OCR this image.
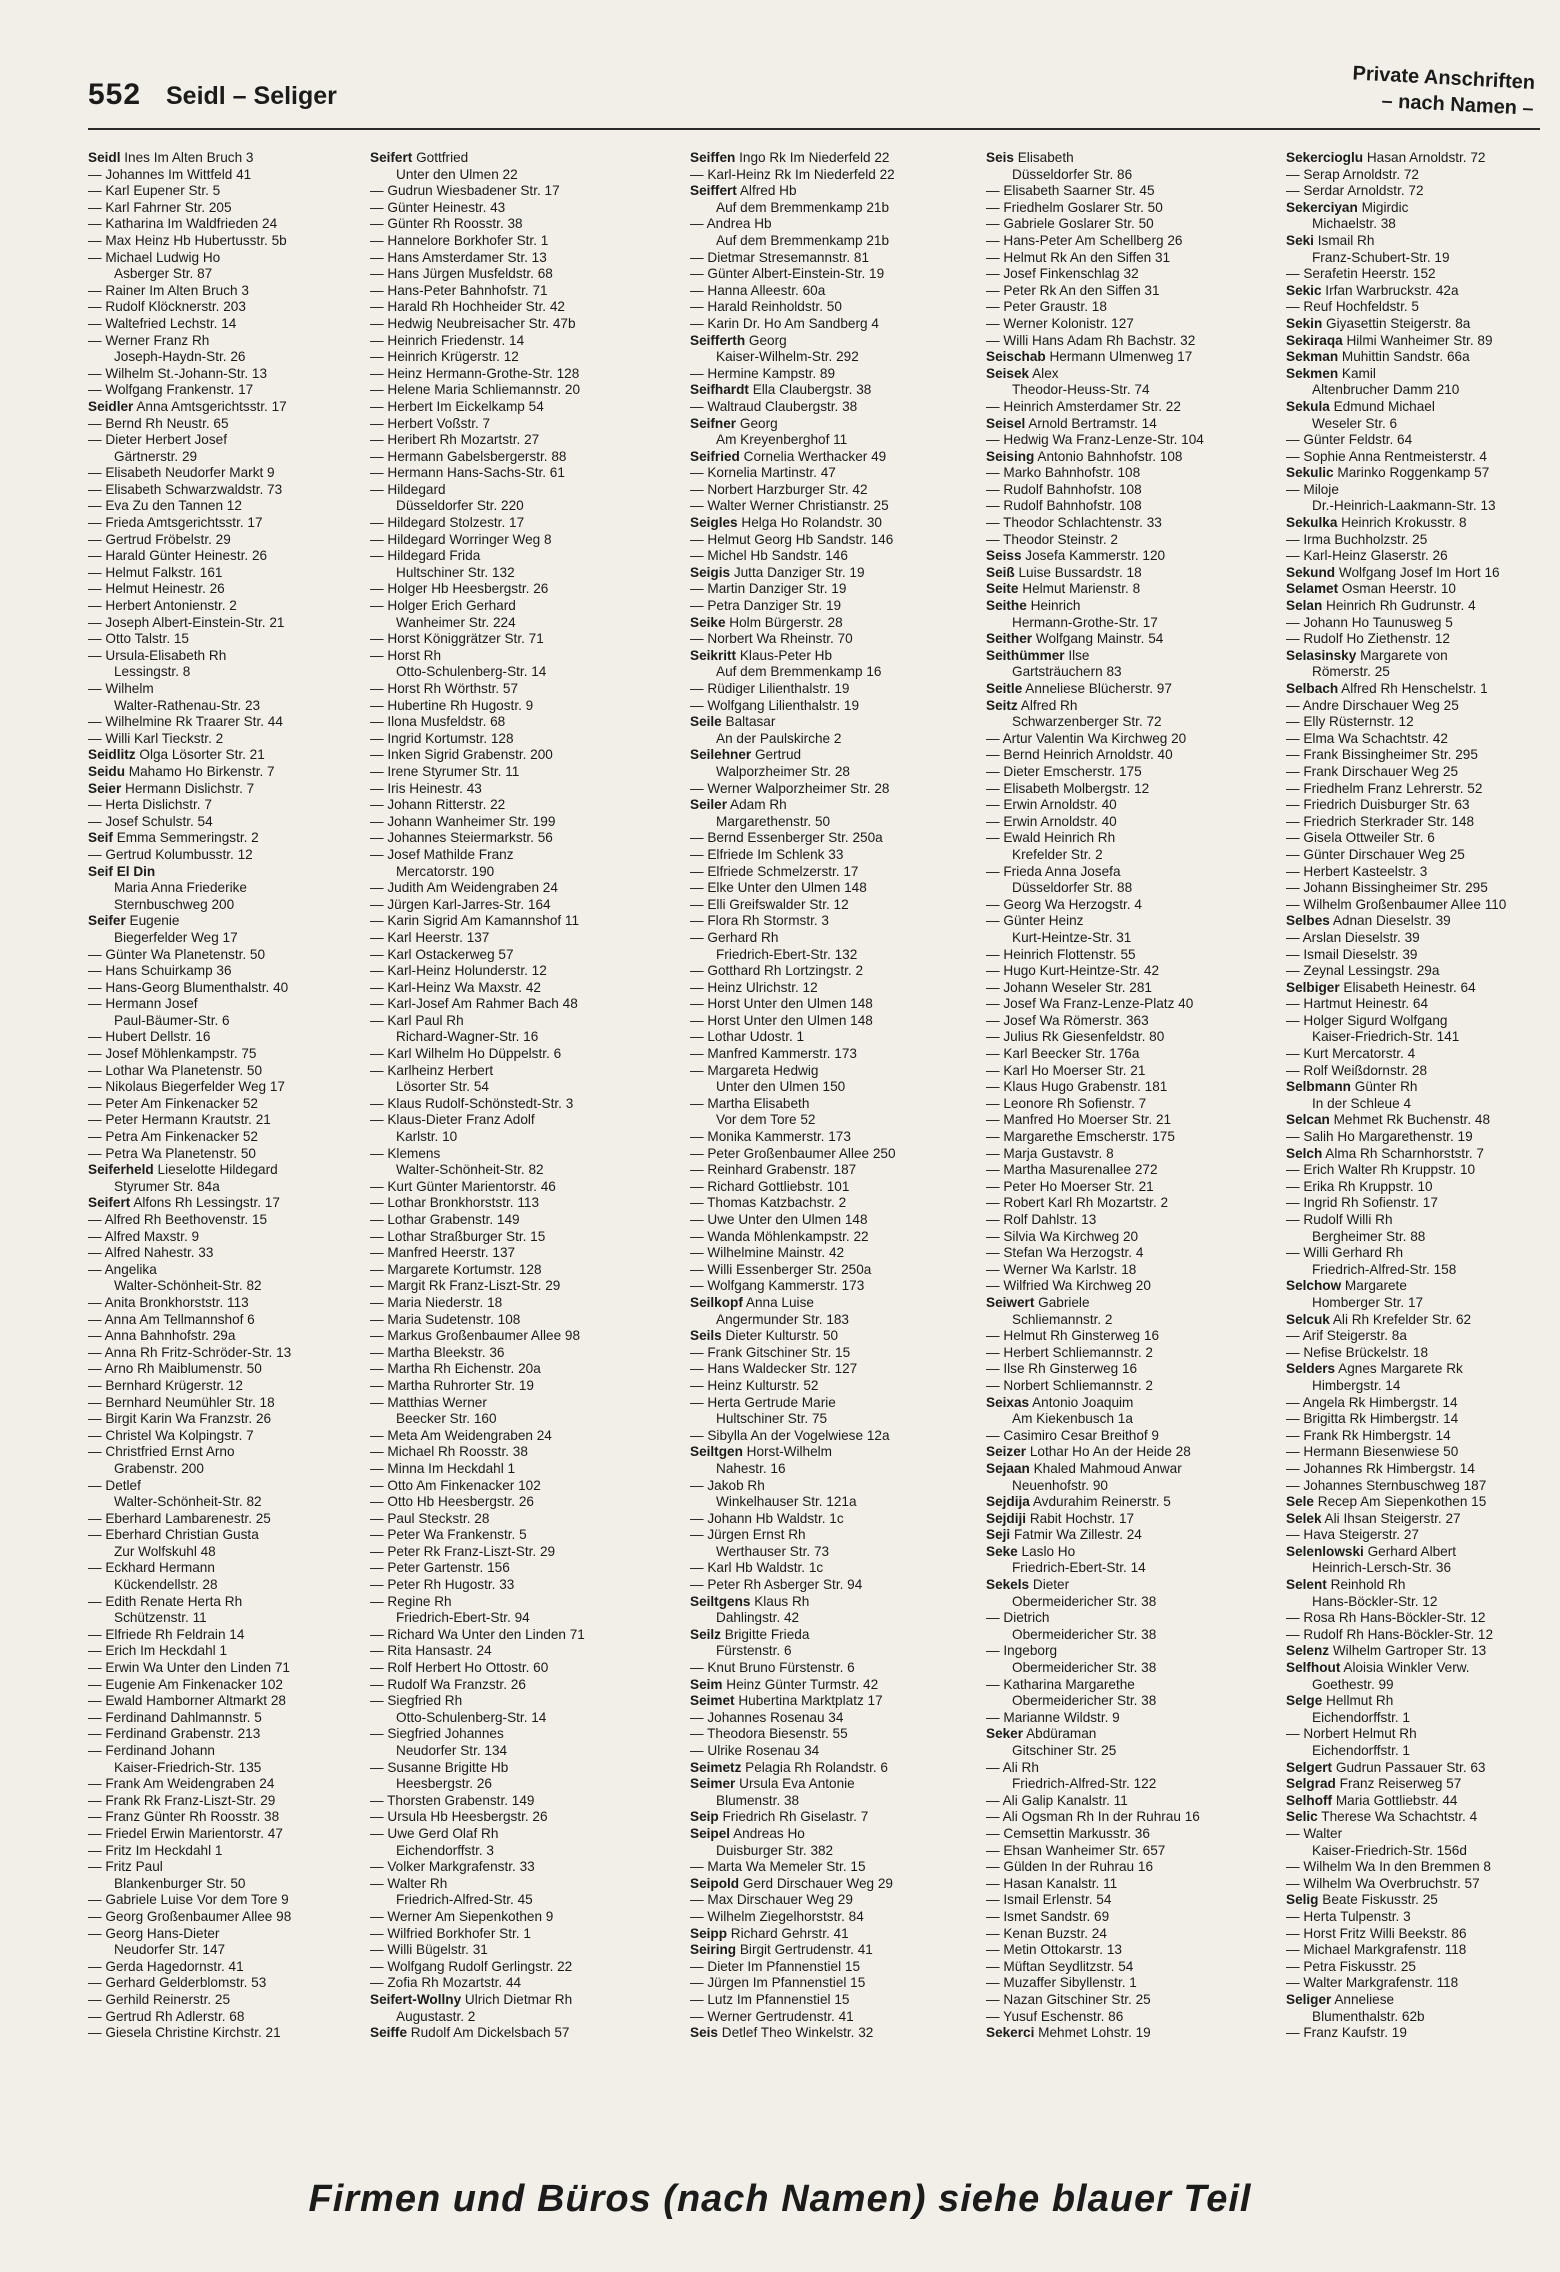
552 Seidl – Seliger
Private Anschriften
– nach Namen –
Seidl Ines Im Alten Bruch 3
— Johannes Im Wittfeld 41
— Karl Eupener Str. 5
— Karl Fahrner Str. 205
— Katharina Im Waldfrieden 24
— Max Heinz Hb Hubertusstr. 5b
— Michael Ludwig Ho
Asberger Str. 87
— Rainer Im Alten Bruch 3
— Rudolf Klöcknerstr. 203
— Waltefried Lechstr. 14
— Werner Franz Rh
Joseph-Haydn-Str. 26
— Wilhelm St.-Johann-Str. 13
— Wolfgang Frankenstr. 17
Seidler Anna Amtsgerichtsstr. 17
— Bernd Rh Neustr. 65
— Dieter Herbert Josef
Gärtnerstr. 29
— Elisabeth Neudorfer Markt 9
— Elisabeth Schwarzwaldstr. 73
— Eva Zu den Tannen 12
— Frieda Amtsgerichtsstr. 17
— Gertrud Fröbelstr. 29
— Harald Günter Heinestr. 26
— Helmut Falkstr. 161
— Helmut Heinestr. 26
— Herbert Antonienstr. 2
— Joseph Albert-Einstein-Str. 21
— Otto Talstr. 15
— Ursula-Elisabeth Rh
Lessingstr. 8
— Wilhelm
Walter-Rathenau-Str. 23
— Wilhelmine Rk Traarer Str. 44
— Willi Karl Tieckstr. 2
Seidlitz Olga Lösorter Str. 21
Seidu Mahamo Ho Birkenstr. 7
Seier Hermann Dislichstr. 7
— Herta Dislichstr. 7
— Josef Schulstr. 54
Seif Emma Semmeringstr. 2
— Gertrud Kolumbusstr. 12
Seif El Din
Maria Anna Friederike
Sternbuschweg 200
Seifer Eugenie
Biegerfelder Weg 17
— Günter Wa Planetenstr. 50
— Hans Schuirkamp 36
— Hans-Georg Blumenthalstr. 40
— Hermann Josef
Paul-Bäumer-Str. 6
— Hubert Dellstr. 16
— Josef Möhlenkampstr. 75
— Lothar Wa Planetenstr. 50
— Nikolaus Biegerfelder Weg 17
— Peter Am Finkenacker 52
— Peter Hermann Krautstr. 21
— Petra Am Finkenacker 52
— Petra Wa Planetenstr. 50
Seiferheld Lieselotte Hildegard
Styrumer Str. 84a
Seifert Alfons Rh Lessingstr. 17
— Alfred Rh Beethovenstr. 15
— Alfred Maxstr. 9
— Alfred Nahestr. 33
— Angelika
Walter-Schönheit-Str. 82
— Anita Bronkhorststr. 113
— Anna Am Tellmannshof 6
— Anna Bahnhofstr. 29a
— Anna Rh Fritz-Schröder-Str. 13
— Arno Rh Maiblumenstr. 50
— Bernhard Krügerstr. 12
— Bernhard Neumühler Str. 18
— Birgit Karin Wa Franzstr. 26
— Christel Wa Kolpingstr. 7
— Christfried Ernst Arno
Grabenstr. 200
— Detlef
Walter-Schönheit-Str. 82
— Eberhard Lambarenestr. 25
— Eberhard Christian Gusta
Zur Wolfskuhl 48
— Eckhard Hermann
Kückendellstr. 28
— Edith Renate Herta Rh
Schützenstr. 11
— Elfriede Rh Feldrain 14
— Erich Im Heckdahl 1
— Erwin Wa Unter den Linden 71
— Eugenie Am Finkenacker 102
— Ewald Hamborner Altmarkt 28
— Ferdinand Dahlmannstr. 5
— Ferdinand Grabenstr. 213
— Ferdinand Johann
Kaiser-Friedrich-Str. 135
— Frank Am Weidengraben 24
— Frank Rk Franz-Liszt-Str. 29
— Franz Günter Rh Roosstr. 38
— Friedel Erwin Marientorstr. 47
— Fritz Im Heckdahl 1
— Fritz Paul
Blankenburger Str. 50
— Gabriele Luise Vor dem Tore 9
— Georg Großenbaumer Allee 98
— Georg Hans-Dieter
Neudorfer Str. 147
— Gerda Hagedornstr. 41
— Gerhard Gelderblomstr. 53
— Gerhild Reinerstr. 25
— Gertrud Rh Adlerstr. 68
— Giesela Christine Kirchstr. 21
Seifert Gottfried
Unter den Ulmen 22
— Gudrun Wiesbadener Str. 17
— Günter Heinestr. 43
— Günter Rh Roosstr. 38
— Hannelore Borkhofer Str. 1
— Hans Amsterdamer Str. 13
— Hans Jürgen Musfeldstr. 68
— Hans-Peter Bahnhofstr. 71
— Harald Rh Hochheider Str. 42
— Hedwig Neubreisacher Str. 47b
— Heinrich Friedenstr. 14
— Heinrich Krügerstr. 12
— Heinz Hermann-Grothe-Str. 128
— Helene Maria Schliemannstr. 20
— Herbert Im Eickelkamp 54
— Herbert Voßstr. 7
— Heribert Rh Mozartstr. 27
— Hermann Gabelsbergerstr. 88
— Hermann Hans-Sachs-Str. 61
— Hildegard
Düsseldorfer Str. 220
— Hildegard Stolzestr. 17
— Hildegard Worringer Weg 8
— Hildegard Frida
Hultschiner Str. 132
— Holger Hb Heesbergstr. 26
— Holger Erich Gerhard
Wanheimer Str. 224
— Horst Königgrätzer Str. 71
— Horst Rh
Otto-Schulenberg-Str. 14
— Horst Rh Wörthstr. 57
— Hubertine Rh Hugostr. 9
— Ilona Musfeldstr. 68
— Ingrid Kortumstr. 128
— Inken Sigrid Grabenstr. 200
— Irene Styrumer Str. 11
— Iris Heinestr. 43
— Johann Ritterstr. 22
— Johann Wanheimer Str. 199
— Johannes Steiermarkstr. 56
— Josef Mathilde Franz
Mercatorstr. 190
— Judith Am Weidengraben 24
— Jürgen Karl-Jarres-Str. 164
— Karin Sigrid Am Kamannshof 11
— Karl Heerstr. 137
— Karl Ostackerweg 57
— Karl-Heinz Holunderstr. 12
— Karl-Heinz Wa Maxstr. 42
— Karl-Josef Am Rahmer Bach 48
— Karl Paul Rh
Richard-Wagner-Str. 16
— Karl Wilhelm Ho Düppelstr. 6
— Karlheinz Herbert
Lösorter Str. 54
— Klaus Rudolf-Schönstedt-Str. 3
— Klaus-Dieter Franz Adolf
Karlstr. 10
— Klemens
Walter-Schönheit-Str. 82
— Kurt Günter Marientorstr. 46
— Lothar Bronkhorststr. 113
— Lothar Grabenstr. 149
— Lothar Straßburger Str. 15
— Manfred Heerstr. 137
— Margarete Kortumstr. 128
— Margit Rk Franz-Liszt-Str. 29
— Maria Niederstr. 18
— Maria Sudetenstr. 108
— Markus Großenbaumer Allee 98
— Martha Bleekstr. 36
— Martha Rh Eichenstr. 20a
— Martha Ruhrorter Str. 19
— Matthias Werner
Beecker Str. 160
— Meta Am Weidengraben 24
— Michael Rh Roosstr. 38
— Minna Im Heckdahl 1
— Otto Am Finkenacker 102
— Otto Hb Heesbergstr. 26
— Paul Steckstr. 28
— Peter Wa Frankenstr. 5
— Peter Rk Franz-Liszt-Str. 29
— Peter Gartenstr. 156
— Peter Rh Hugostr. 33
— Regine Rh
Friedrich-Ebert-Str. 94
— Richard Wa Unter den Linden 71
— Rita Hansastr. 24
— Rolf Herbert Ho Ottostr. 60
— Rudolf Wa Franzstr. 26
— Siegfried Rh
Otto-Schulenberg-Str. 14
— Siegfried Johannes
Neudorfer Str. 134
— Susanne Brigitte Hb
Heesbergstr. 26
— Thorsten Grabenstr. 149
— Ursula Hb Heesbergstr. 26
— Uwe Gerd Olaf Rh
Eichendorffstr. 3
— Volker Markgrafenstr. 33
— Walter Rh
Friedrich-Alfred-Str. 45
— Werner Am Siepenkothen 9
— Wilfried Borkhofer Str. 1
— Willi Bügelstr. 31
— Wolfgang Rudolf Gerlingstr. 22
— Zofia Rh Mozartstr. 44
Seifert-Wollny Ulrich Dietmar Rh
Augustastr. 2
Seiffe Rudolf Am Dickelsbach 57
Seiffen Ingo Rk Im Niederfeld 22
— Karl-Heinz Rk Im Niederfeld 22
Seiffert Alfred Hb
Auf dem Bremmenkamp 21b
— Andrea Hb
Auf dem Bremmenkamp 21b
— Dietmar Stresemannstr. 81
— Günter Albert-Einstein-Str. 19
— Hanna Alleestr. 60a
— Harald Reinholdstr. 50
— Karin Dr. Ho Am Sandberg 4
Seifferth Georg
Kaiser-Wilhelm-Str. 292
— Hermine Kampstr. 89
Seifhardt Ella Claubergstr. 38
— Waltraud Claubergstr. 38
Seifner Georg
Am Kreyenberghof 11
Seifried Cornelia Werthacker 49
— Kornelia Martinstr. 47
— Norbert Harzburger Str. 42
— Walter Werner Christianstr. 25
Seigles Helga Ho Rolandstr. 30
— Helmut Georg Hb Sandstr. 146
— Michel Hb Sandstr. 146
Seigis Jutta Danziger Str. 19
— Martin Danziger Str. 19
— Petra Danziger Str. 19
Seike Holm Bürgerstr. 28
— Norbert Wa Rheinstr. 70
Seikritt Klaus-Peter Hb
Auf dem Bremmenkamp 16
— Rüdiger Lilienthalstr. 19
— Wolfgang Lilienthalstr. 19
Seile Baltasar
An der Paulskirche 2
Seilehner Gertrud
Walporzheimer Str. 28
— Werner Walporzheimer Str. 28
Seiler Adam Rh
Margarethenstr. 50
— Bernd Essenberger Str. 250a
— Elfriede Im Schlenk 33
— Elfriede Schmelzerstr. 17
— Elke Unter den Ulmen 148
— Elli Greifswalder Str. 12
— Flora Rh Stormstr. 3
— Gerhard Rh
Friedrich-Ebert-Str. 132
— Gotthard Rh Lortzingstr. 2
— Heinz Ulrichstr. 12
— Horst Unter den Ulmen 148
— Horst Unter den Ulmen 148
— Lothar Udostr. 1
— Manfred Kammerstr. 173
— Margareta Hedwig
Unter den Ulmen 150
— Martha Elisabeth
Vor dem Tore 52
— Monika Kammerstr. 173
— Peter Großenbaumer Allee 250
— Reinhard Grabenstr. 187
— Richard Gottliebstr. 101
— Thomas Katzbachstr. 2
— Uwe Unter den Ulmen 148
— Wanda Möhlenkampstr. 22
— Wilhelmine Mainstr. 42
— Willi Essenberger Str. 250a
— Wolfgang Kammerstr. 173
Seilkopf Anna Luise
Angermunder Str. 183
Seils Dieter Kulturstr. 50
— Frank Gitschiner Str. 15
— Hans Waldecker Str. 127
— Heinz Kulturstr. 52
— Herta Gertrude Marie
Hultschiner Str. 75
— Sibylla An der Vogelwiese 12a
Seiltgen Horst-Wilhelm
Nahestr. 16
— Jakob Rh
Winkelhauser Str. 121a
— Johann Hb Waldstr. 1c
— Jürgen Ernst Rh
Werthauser Str. 73
— Karl Hb Waldstr. 1c
— Peter Rh Asberger Str. 94
Seiltgens Klaus Rh
Dahlingstr. 42
Seilz Brigitte Frieda
Fürstenstr. 6
— Knut Bruno Fürstenstr. 6
Seim Heinz Günter Turmstr. 42
Seimet Hubertina Marktplatz 17
— Johannes Rosenau 34
— Theodora Biesenstr. 55
— Ulrike Rosenau 34
Seimetz Pelagia Rh Rolandstr. 6
Seimer Ursula Eva Antonie
Blumenstr. 38
Seip Friedrich Rh Giselastr. 7
Seipel Andreas Ho
Duisburger Str. 382
— Marta Wa Memeler Str. 15
Seipold Gerd Dirschauer Weg 29
— Max Dirschauer Weg 29
— Wilhelm Ziegelhorststr. 84
Seipp Richard Gehrstr. 41
Seiring Birgit Gertrudenstr. 41
— Dieter Im Pfannenstiel 15
— Jürgen Im Pfannenstiel 15
— Lutz Im Pfannenstiel 15
— Werner Gertrudenstr. 41
Seis Detlef Theo Winkelstr. 32
Seis Elisabeth
Düsseldorfer Str. 86
— Elisabeth Saarner Str. 45
— Friedhelm Goslarer Str. 50
— Gabriele Goslarer Str. 50
— Hans-Peter Am Schellberg 26
— Helmut Rk An den Siffen 31
— Josef Finkenschlag 32
— Peter Rk An den Siffen 31
— Peter Graustr. 18
— Werner Kolonistr. 127
— Willi Hans Adam Rh Bachstr. 32
Seischab Hermann Ulmenweg 17
Seisek Alex
Theodor-Heuss-Str. 74
— Heinrich Amsterdamer Str. 22
Seisel Arnold Bertramstr. 14
— Hedwig Wa Franz-Lenze-Str. 104
Seising Antonio Bahnhofstr. 108
— Marko Bahnhofstr. 108
— Rudolf Bahnhofstr. 108
— Rudolf Bahnhofstr. 108
— Theodor Schlachtenstr. 33
— Theodor Steinstr. 2
Seiss Josefa Kammerstr. 120
Seiß Luise Bussardstr. 18
Seite Helmut Marienstr. 8
Seithe Heinrich
Hermann-Grothe-Str. 17
Seither Wolfgang Mainstr. 54
Seithümmer Ilse
Gartsträuchern 83
Seitle Anneliese Blücherstr. 97
Seitz Alfred Rh
Schwarzenberger Str. 72
— Artur Valentin Wa Kirchweg 20
— Bernd Heinrich Arnoldstr. 40
— Dieter Emscherstr. 175
— Elisabeth Molbergstr. 12
— Erwin Arnoldstr. 40
— Erwin Arnoldstr. 40
— Ewald Heinrich Rh
Krefelder Str. 2
— Frieda Anna Josefa
Düsseldorfer Str. 88
— Georg Wa Herzogstr. 4
— Günter Heinz
Kurt-Heintze-Str. 31
— Heinrich Flottenstr. 55
— Hugo Kurt-Heintze-Str. 42
— Johann Weseler Str. 281
— Josef Wa Franz-Lenze-Platz 40
— Josef Wa Römerstr. 363
— Julius Rk Giesenfeldstr. 80
— Karl Beecker Str. 176a
— Karl Ho Moerser Str. 21
— Klaus Hugo Grabenstr. 181
— Leonore Rh Sofienstr. 7
— Manfred Ho Moerser Str. 21
— Margarethe Emscherstr. 175
— Marja Gustavstr. 8
— Martha Masurenallee 272
— Peter Ho Moerser Str. 21
— Robert Karl Rh Mozartstr. 2
— Rolf Dahlstr. 13
— Silvia Wa Kirchweg 20
— Stefan Wa Herzogstr. 4
— Werner Wa Karlstr. 18
— Wilfried Wa Kirchweg 20
Seiwert Gabriele
Schliemannstr. 2
— Helmut Rh Ginsterweg 16
— Herbert Schliemannstr. 2
— Ilse Rh Ginsterweg 16
— Norbert Schliemannstr. 2
Seixas Antonio Joaquim
Am Kiekenbusch 1a
— Casimiro Cesar Breithof 9
Seizer Lothar Ho An der Heide 28
Sejaan Khaled Mahmoud Anwar
Neuenhofstr. 90
Sejdija Avdurahim Reinerstr. 5
Sejdiji Rabit Hochstr. 17
Seji Fatmir Wa Zillestr. 24
Seke Laslo Ho
Friedrich-Ebert-Str. 14
Sekels Dieter
Obermeidericher Str. 38
— Dietrich
Obermeidericher Str. 38
— Ingeborg
Obermeidericher Str. 38
— Katharina Margarethe
Obermeidericher Str. 38
— Marianne Wildstr. 9
Seker Abdüraman
Gitschiner Str. 25
— Ali Rh
Friedrich-Alfred-Str. 122
— Ali Galip Kanalstr. 11
— Ali Ogsman Rh In der Ruhrau 16
— Cemsettin Markusstr. 36
— Ehsan Wanheimer Str. 657
— Gülden In der Ruhrau 16
— Hasan Kanalstr. 11
— Ismail Erlenstr. 54
— Ismet Sandstr. 69
— Kenan Buzstr. 24
— Metin Ottokarstr. 13
— Müftan Seydlitzstr. 54
— Muzaffer Sibyllenstr. 1
— Nazan Gitschiner Str. 25
— Yusuf Eschenstr. 86
Sekerci Mehmet Lohstr. 19
Sekercioglu Hasan Arnoldstr. 72
— Serap Arnoldstr. 72
— Serdar Arnoldstr. 72
Sekerciyan Migirdic
Michaelstr. 38
Seki Ismail Rh
Franz-Schubert-Str. 19
— Serafetin Heerstr. 152
Sekic Irfan Warbruckstr. 42a
— Reuf Hochfeldstr. 5
Sekin Giyasettin Steigerstr. 8a
Sekiraqa Hilmi Wanheimer Str. 89
Sekman Muhittin Sandstr. 66a
Sekmen Kamil
Altenbrucher Damm 210
Sekula Edmund Michael
Weseler Str. 6
— Günter Feldstr. 64
— Sophie Anna Rentmeisterstr. 4
Sekulic Marinko Roggenkamp 57
— Miloje
Dr.-Heinrich-Laakmann-Str. 13
Sekulka Heinrich Krokusstr. 8
— Irma Buchholzstr. 25
— Karl-Heinz Glaserstr. 26
Sekund Wolfgang Josef Im Hort 16
Selamet Osman Heerstr. 10
Selan Heinrich Rh Gudrunstr. 4
— Johann Ho Taunusweg 5
— Rudolf Ho Ziethenstr. 12
Selasinsky Margarete von
Römerstr. 25
Selbach Alfred Rh Henschelstr. 1
— Andre Dirschauer Weg 25
— Elly Rüsternstr. 12
— Elma Wa Schachtstr. 42
— Frank Bissingheimer Str. 295
— Frank Dirschauer Weg 25
— Friedhelm Franz Lehrerstr. 52
— Friedrich Duisburger Str. 63
— Friedrich Sterkrader Str. 148
— Gisela Ottweiler Str. 6
— Günter Dirschauer Weg 25
— Herbert Kasteelstr. 3
— Johann Bissingheimer Str. 295
— Wilhelm Großenbaumer Allee 110
Selbes Adnan Dieselstr. 39
— Arslan Dieselstr. 39
— Ismail Dieselstr. 39
— Zeynal Lessingstr. 29a
Selbiger Elisabeth Heinestr. 64
— Hartmut Heinestr. 64
— Holger Sigurd Wolfgang
Kaiser-Friedrich-Str. 141
— Kurt Mercatorstr. 4
— Rolf Weißdornstr. 28
Selbmann Günter Rh
In der Schleue 4
Selcan Mehmet Rk Buchenstr. 48
— Salih Ho Margarethenstr. 19
Selch Alma Rh Scharnhorststr. 7
— Erich Walter Rh Kruppstr. 10
— Erika Rh Kruppstr. 10
— Ingrid Rh Sofienstr. 17
— Rudolf Willi Rh
Bergheimer Str. 88
— Willi Gerhard Rh
Friedrich-Alfred-Str. 158
Selchow Margarete
Homberger Str. 17
Selcuk Ali Rh Krefelder Str. 62
— Arif Steigerstr. 8a
— Nefise Brückelstr. 18
Selders Agnes Margarete Rk
Himbergstr. 14
— Angela Rk Himbergstr. 14
— Brigitta Rk Himbergstr. 14
— Frank Rk Himbergstr. 14
— Hermann Biesenwiese 50
— Johannes Rk Himbergstr. 14
— Johannes Sternbuschweg 187
Sele Recep Am Siepenkothen 15
Selek Ali Ihsan Steigerstr. 27
— Hava Steigerstr. 27
Selenlowski Gerhard Albert
Heinrich-Lersch-Str. 36
Selent Reinhold Rh
Hans-Böckler-Str. 12
— Rosa Rh Hans-Böckler-Str. 12
— Rudolf Rh Hans-Böckler-Str. 12
Selenz Wilhelm Gartroper Str. 13
Selfhout Aloisia Winkler Verw.
Goethestr. 99
Selge Hellmut Rh
Eichendorffstr. 1
— Norbert Helmut Rh
Eichendorffstr. 1
Selgert Gudrun Passauer Str. 63
Selgrad Franz Reiserweg 57
Selhoff Maria Gottliebstr. 44
Selic Therese Wa Schachtstr. 4
— Walter
Kaiser-Friedrich-Str. 156d
— Wilhelm Wa In den Bremmen 8
— Wilhelm Wa Overbruchstr. 57
Selig Beate Fiskusstr. 25
— Herta Tulpenstr. 3
— Horst Fritz Willi Beekstr. 86
— Michael Markgrafenstr. 118
— Petra Fiskusstr. 25
— Walter Markgrafenstr. 118
Seliger Anneliese
Blumenthalstr. 62b
— Franz Kaufstr. 19
Firmen und Büros (nach Namen) siehe blauer Teil
